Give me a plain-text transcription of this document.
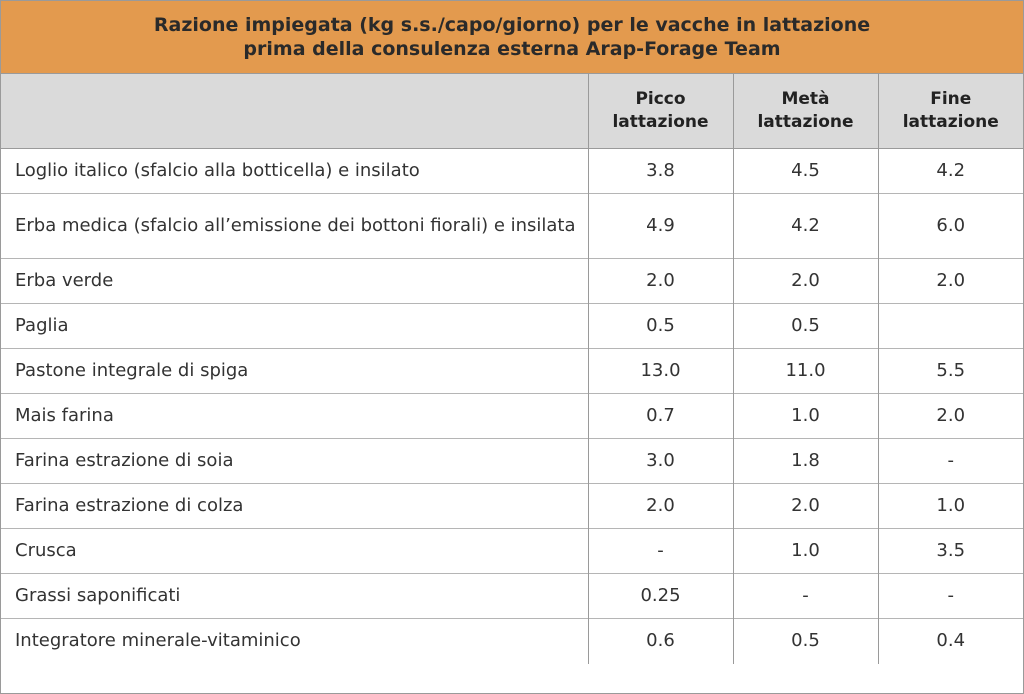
Razione impiegata (kg s.s./capo/giorno) per le vacche in lattazione
prima della consulenza esterna Arap-Forage Team
	Picco lattazione	Metà lattazione	Fine lattazione
Loglio italico (sfalcio alla botticella) e insilato	3.8	4.5	4.2
Erba medica (sfalcio all’emissione dei bottoni fiorali) e insilata	4.9	4.2	6.0
Erba verde	2.0	2.0	2.0
Paglia	0.5	0.5	
Pastone integrale di spiga	13.0	11.0	5.5
Mais farina	0.7	1.0	2.0
Farina estrazione di soia	3.0	1.8	-
Farina estrazione di colza	2.0	2.0	1.0
Crusca	-	1.0	3.5
Grassi saponificati	0.25	-	-
Integratore minerale-vitaminico	0.6	0.5	0.4
